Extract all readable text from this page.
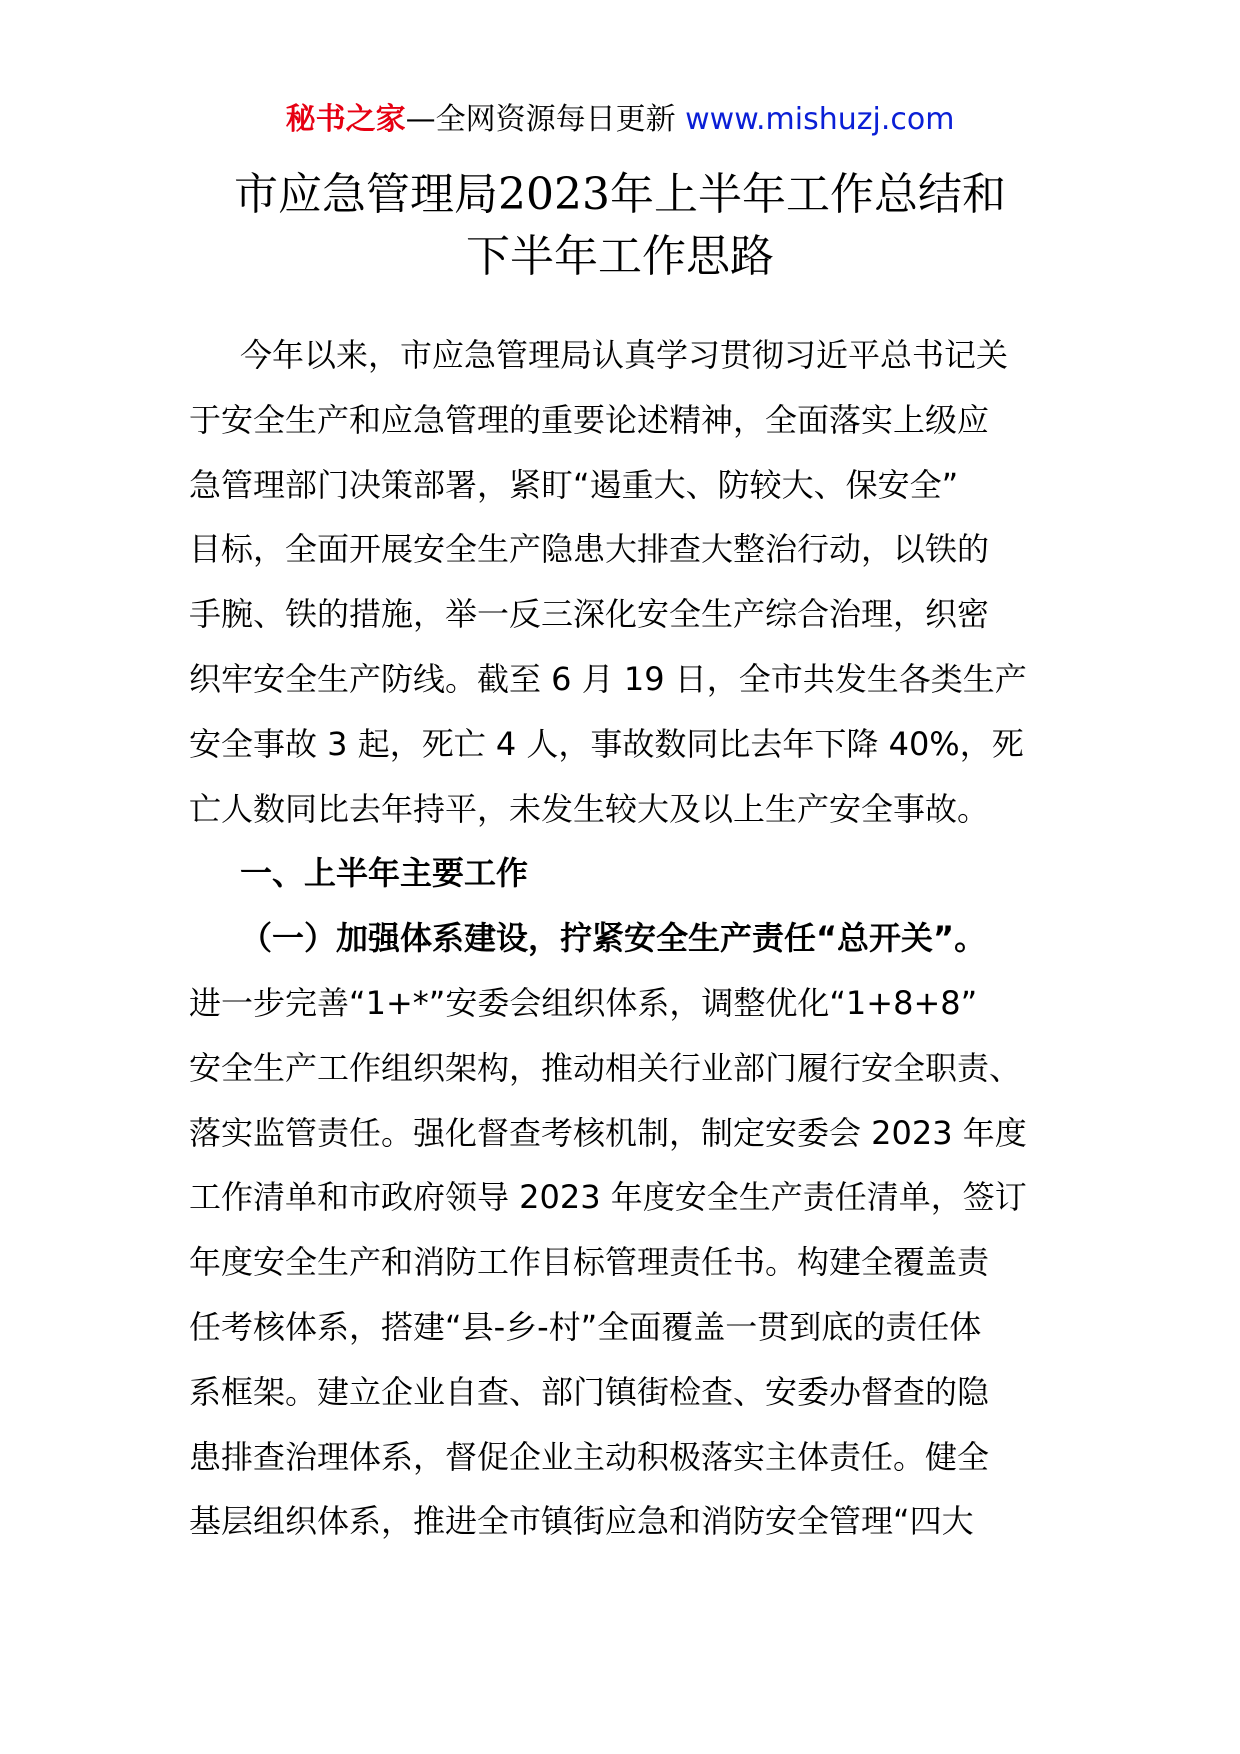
秘书之家—全网资源每日更新 www.mishuzj.com
市应急管理局2023年上半年工作总结和
下半年工作思路
今年以来，市应急管理局认真学习贯彻习近平总书记关
于安全生产和应急管理的重要论述精神，全面落实上级应
急管理部门决策部署，紧盯“遏重大、防较大、保安全”
目标，全面开展安全生产隐患大排查大整治行动，以铁的
手腕、铁的措施，举一反三深化安全生产综合治理，织密
织牢安全生产防线。截至 6 月 19 日，全市共发生各类生产
安全事故 3 起，死亡 4 人，事故数同比去年下降 40%，死
亡人数同比去年持平，未发生较大及以上生产安全事故。
一、上半年主要工作
（一）加强体系建设，拧紧安全生产责任“总开关”。
进一步完善“1+*”安委会组织体系，调整优化“1+8+8”
安全生产工作组织架构，推动相关行业部门履行安全职责、
落实监管责任。强化督查考核机制，制定安委会 2023 年度
工作清单和市政府领导 2023 年度安全生产责任清单，签订
年度安全生产和消防工作目标管理责任书。构建全覆盖责
任考核体系，搭建“县-乡-村”全面覆盖一贯到底的责任体
系框架。建立企业自查、部门镇街检查、安委办督查的隐
患排查治理体系，督促企业主动积极落实主体责任。健全
基层组织体系，推进全市镇街应急和消防安全管理“四大
